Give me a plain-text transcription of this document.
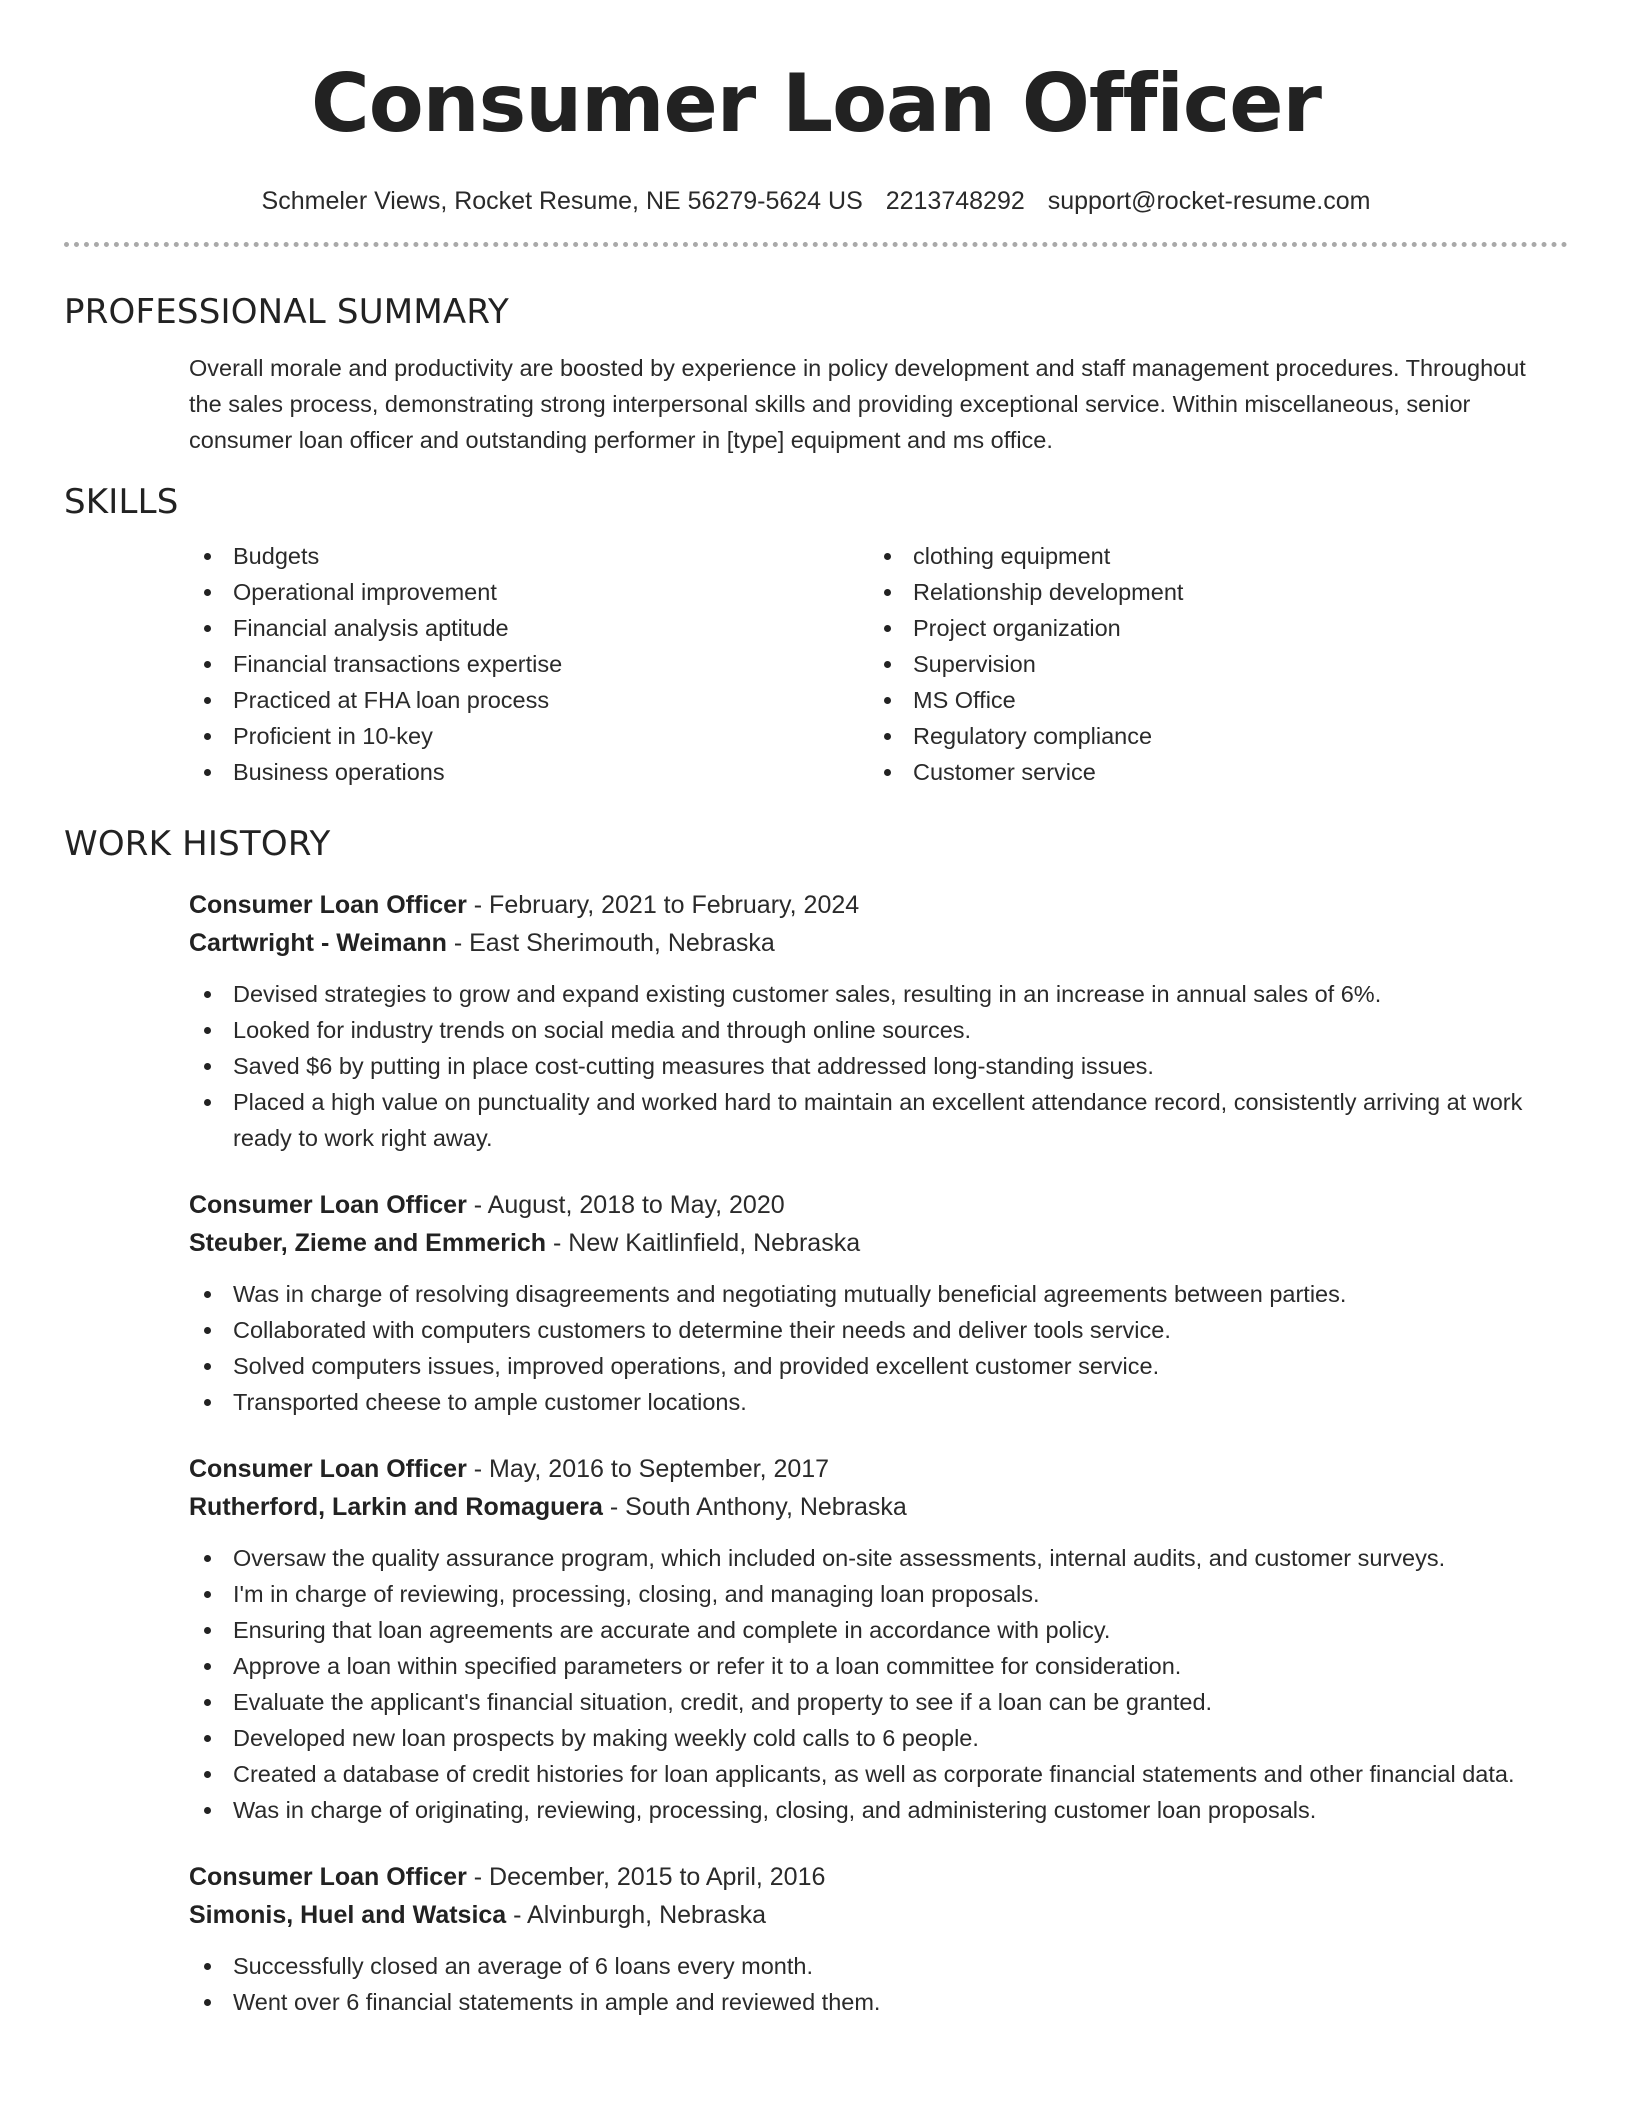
Consumer Loan Officer
Schmeler Views, Rocket Resume, NE 56279-5624 US 2213748292 support@rocket-resume.com
PROFESSIONAL SUMMARY

Overall morale and productivity are boosted by experience in policy development and staff management procedures. Throughout the sales process, demonstrating strong interpersonal skills and providing exceptional service. Within miscellaneous, senior consumer loan officer and outstanding performer in [type] equipment and ms office.

SKILLS
Budgets
Operational improvement
Financial analysis aptitude
Financial transactions expertise
Practiced at FHA loan process
Proficient in 10-key
Business operations
clothing equipment
Relationship development
Project organization
Supervision
MS Office
Regulatory compliance
Customer service
WORK HISTORY
Consumer Loan Officer - February, 2021 to February, 2024
Cartwright - Weimann - East Sherimouth, Nebraska
Devised strategies to grow and expand existing customer sales, resulting in an increase in annual sales of 6%.
Looked for industry trends on social media and through online sources.
Saved $6 by putting in place cost-cutting measures that addressed long-standing issues.
Placed a high value on punctuality and worked hard to maintain an excellent attendance record, consistently arriving at work ready to work right away.
Consumer Loan Officer - August, 2018 to May, 2020
Steuber, Zieme and Emmerich - New Kaitlinfield, Nebraska
Was in charge of resolving disagreements and negotiating mutually beneficial agreements between parties.
Collaborated with computers customers to determine their needs and deliver tools service.
Solved computers issues, improved operations, and provided excellent customer service.
Transported cheese to ample customer locations.
Consumer Loan Officer - May, 2016 to September, 2017
Rutherford, Larkin and Romaguera - South Anthony, Nebraska
Oversaw the quality assurance program, which included on-site assessments, internal audits, and customer surveys.
I'm in charge of reviewing, processing, closing, and managing loan proposals.
Ensuring that loan agreements are accurate and complete in accordance with policy.
Approve a loan within specified parameters or refer it to a loan committee for consideration.
Evaluate the applicant's financial situation, credit, and property to see if a loan can be granted.
Developed new loan prospects by making weekly cold calls to 6 people.
Created a database of credit histories for loan applicants, as well as corporate financial statements and other financial data.
Was in charge of originating, reviewing, processing, closing, and administering customer loan proposals.
Consumer Loan Officer - December, 2015 to April, 2016
Simonis, Huel and Watsica - Alvinburgh, Nebraska
Successfully closed an average of 6 loans every month.
Went over 6 financial statements in ample and reviewed them.
